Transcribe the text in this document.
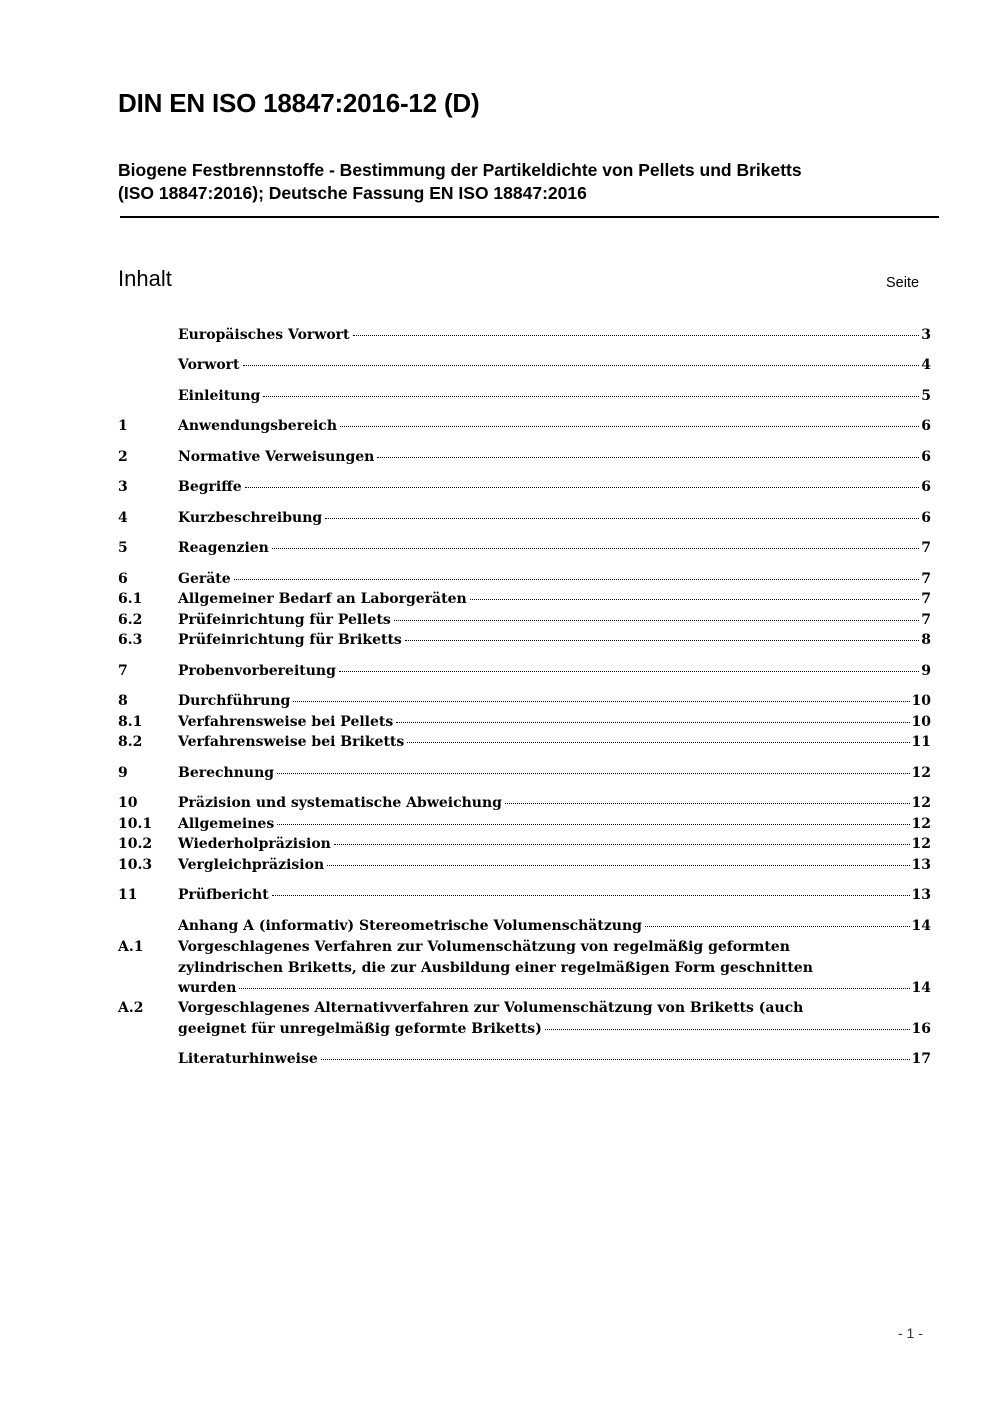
DIN EN ISO 18847:2016-12 (D)
Biogene Festbrennstoffe - Bestimmung der Partikeldichte von Pellets und Briketts
(ISO 18847:2016); Deutsche Fassung EN ISO 18847:2016
Inhalt	Seite
Europäisches Vorwort	3
Vorwort	4
Einleitung	5
1	Anwendungsbereich	6
2	Normative Verweisungen	6
3	Begriffe	6
4	Kurzbeschreibung	6
5	Reagenzien	7
6	Geräte	7
6.1	Allgemeiner Bedarf an Laborgeräten	7
6.2	Prüfeinrichtung für Pellets	7
6.3	Prüfeinrichtung für Briketts	8
7	Probenvorbereitung	9
8	Durchführung	10
8.1	Verfahrensweise bei Pellets	10
8.2	Verfahrensweise bei Briketts	11
9	Berechnung	12
10	Präzision und systematische Abweichung	12
10.1	Allgemeines	12
10.2	Wiederholpräzision	12
10.3	Vergleichpräzision	13
11	Prüfbericht	13
Anhang A (informativ) Stereometrische Volumenschätzung	14
A.1	Vorgeschlagenes Verfahren zur Volumenschätzung von regelmäßig geformten
zylindrischen Briketts, die zur Ausbildung einer regelmäßigen Form geschnitten
wurden	14
A.2	Vorgeschlagenes Alternativverfahren zur Volumenschätzung von Briketts (auch
geeignet für unregelmäßig geformte Briketts)	16
Literaturhinweise	17
- 1 -
